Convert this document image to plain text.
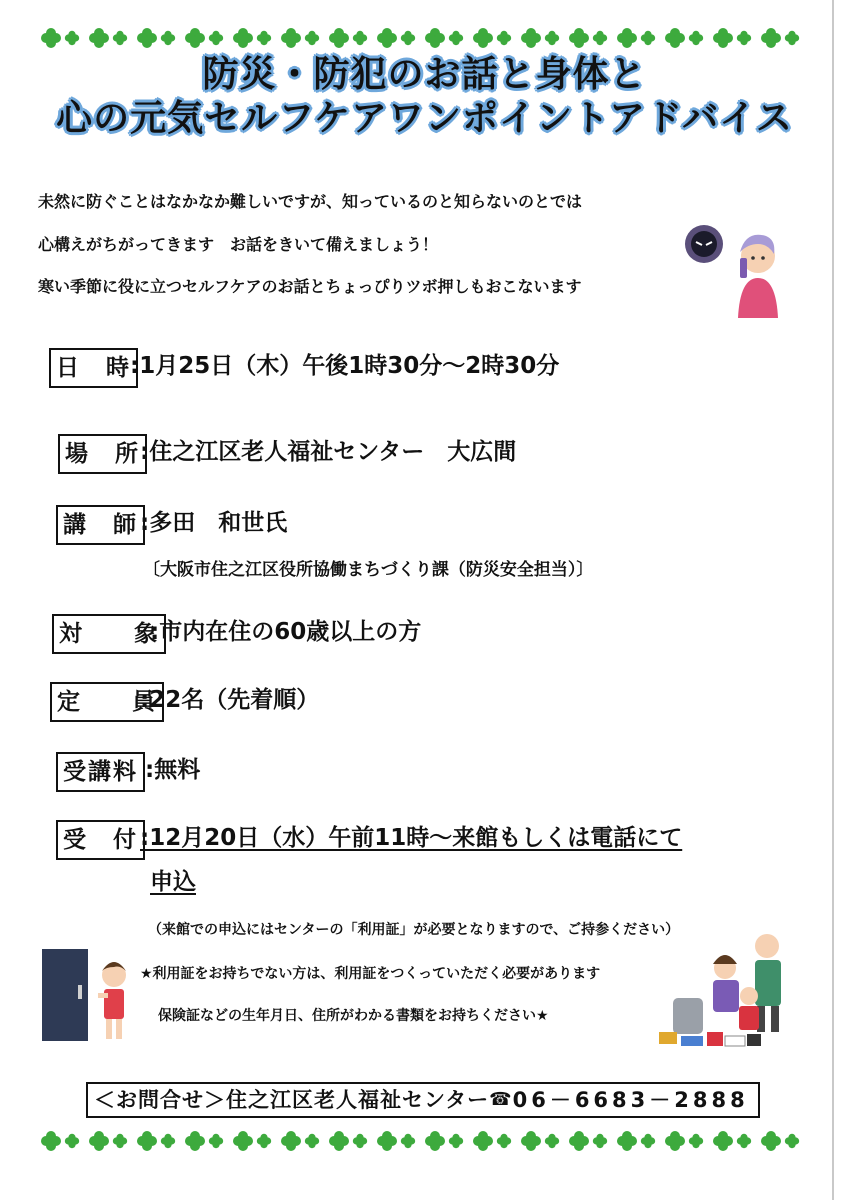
防災・防犯のお話と身体と
心の元気セルフケアワンポイントアドバイス
未然に防ぐことはなかなか難しいですが、知っているのと知らないのとでは
心構えがちがってきます　お話をきいて備えましょう！
寒い季節に役に立つセルフケアのお話とちょっぴりツボ押しもおこないます
日　時 :1月25日（木）午後1時30分～2時30分
場　所 :住之江区老人福祉センター　大広間
講　師 :多田　和世氏
〔大阪市住之江区役所協働まちづくり課（防災安全担当）〕
対　　象
:市内在住の60歳以上の方
定　　員
:22名（先着順）
受講料 :無料
受　付 :12月20日（水）午前11時～来館もしくは電話にて
申込
（来館での申込にはセンターの「利用証」が必要となりますので、ご持参ください）
★利用証をお持ちでない方は、利用証をつくっていただく必要があります
保険証などの生年月日、住所がわかる書類をお持ちください★
＜お問合せ＞住之江区老人福祉センター☎06－6683－2888
